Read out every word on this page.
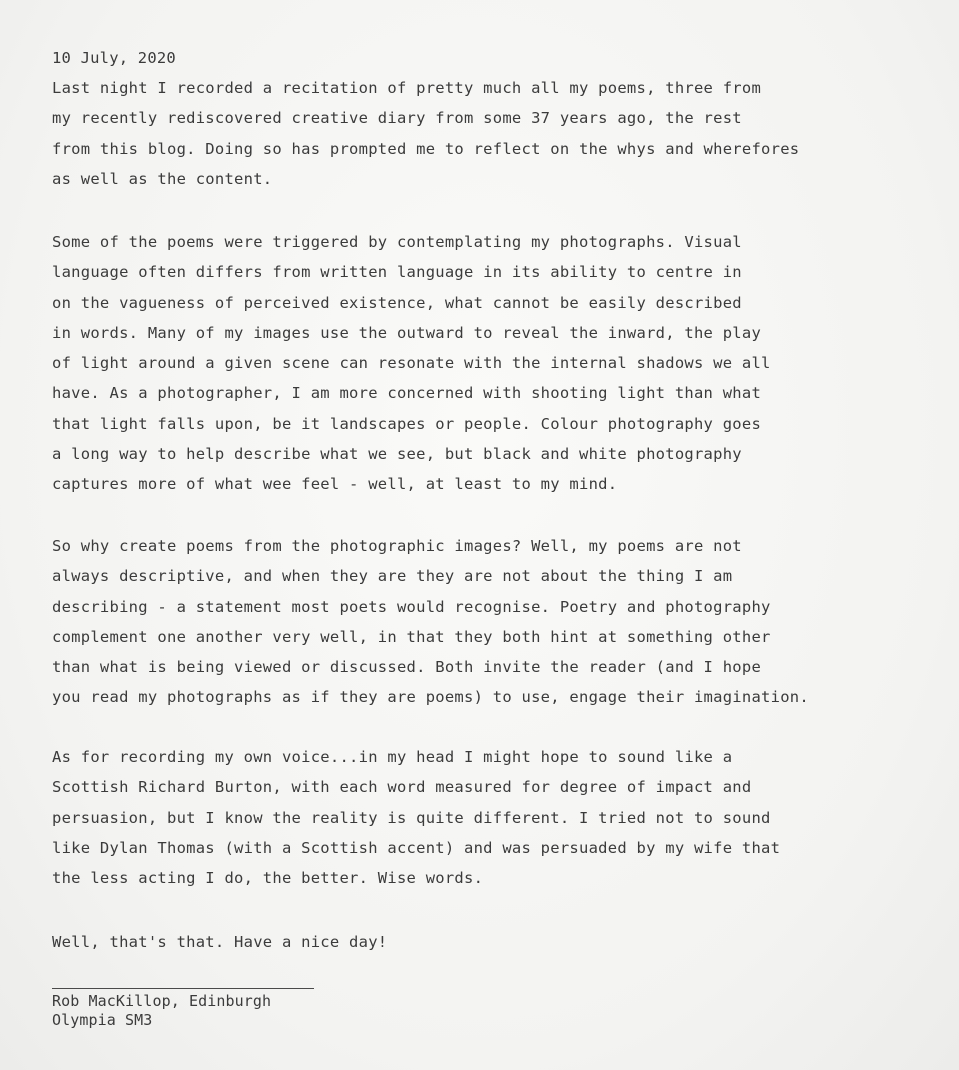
10 July, 2020

Last night I recorded a recitation of pretty much all my poems, three from
my recently rediscovered creative diary from some 37 years ago, the rest
from this blog. Doing so has prompted me to reflect on the whys and wherefores
as well as the content.

Some of the poems were triggered by contemplating my photographs. Visual
language often differs from written language in its ability to centre in
on the vagueness of perceived existence, what cannot be easily described
in words. Many of my images use the outward to reveal the inward, the play
of light around a given scene can resonate with the internal shadows we all
have. As a photographer, I am more concerned with shooting light than what
that light falls upon, be it landscapes or people. Colour photography goes
a long way to help describe what we see, but black and white photography
captures more of what wee feel - well, at least to my mind.

So why create poems from the photographic images? Well, my poems are not
always descriptive, and when they are they are not about the thing I am
describing - a statement most poets would recognise. Poetry and photography
complement one another very well, in that they both hint at something other
than what is being viewed or discussed. Both invite the reader (and I hope
you read my photographs as if they are poems) to use, engage their imagination.

As for recording my own voice...in my head I might hope to sound like a
Scottish Richard Burton, with each word measured for degree of impact and
persuasion, but I know the reality is quite different. I tried not to sound
like Dylan Thomas (with a Scottish accent) and was persuaded by my wife that
the less acting I do, the better. Wise words.

Well, that's that. Have a nice day!
Rob MacKillop, Edinburgh
Olympia SM3
